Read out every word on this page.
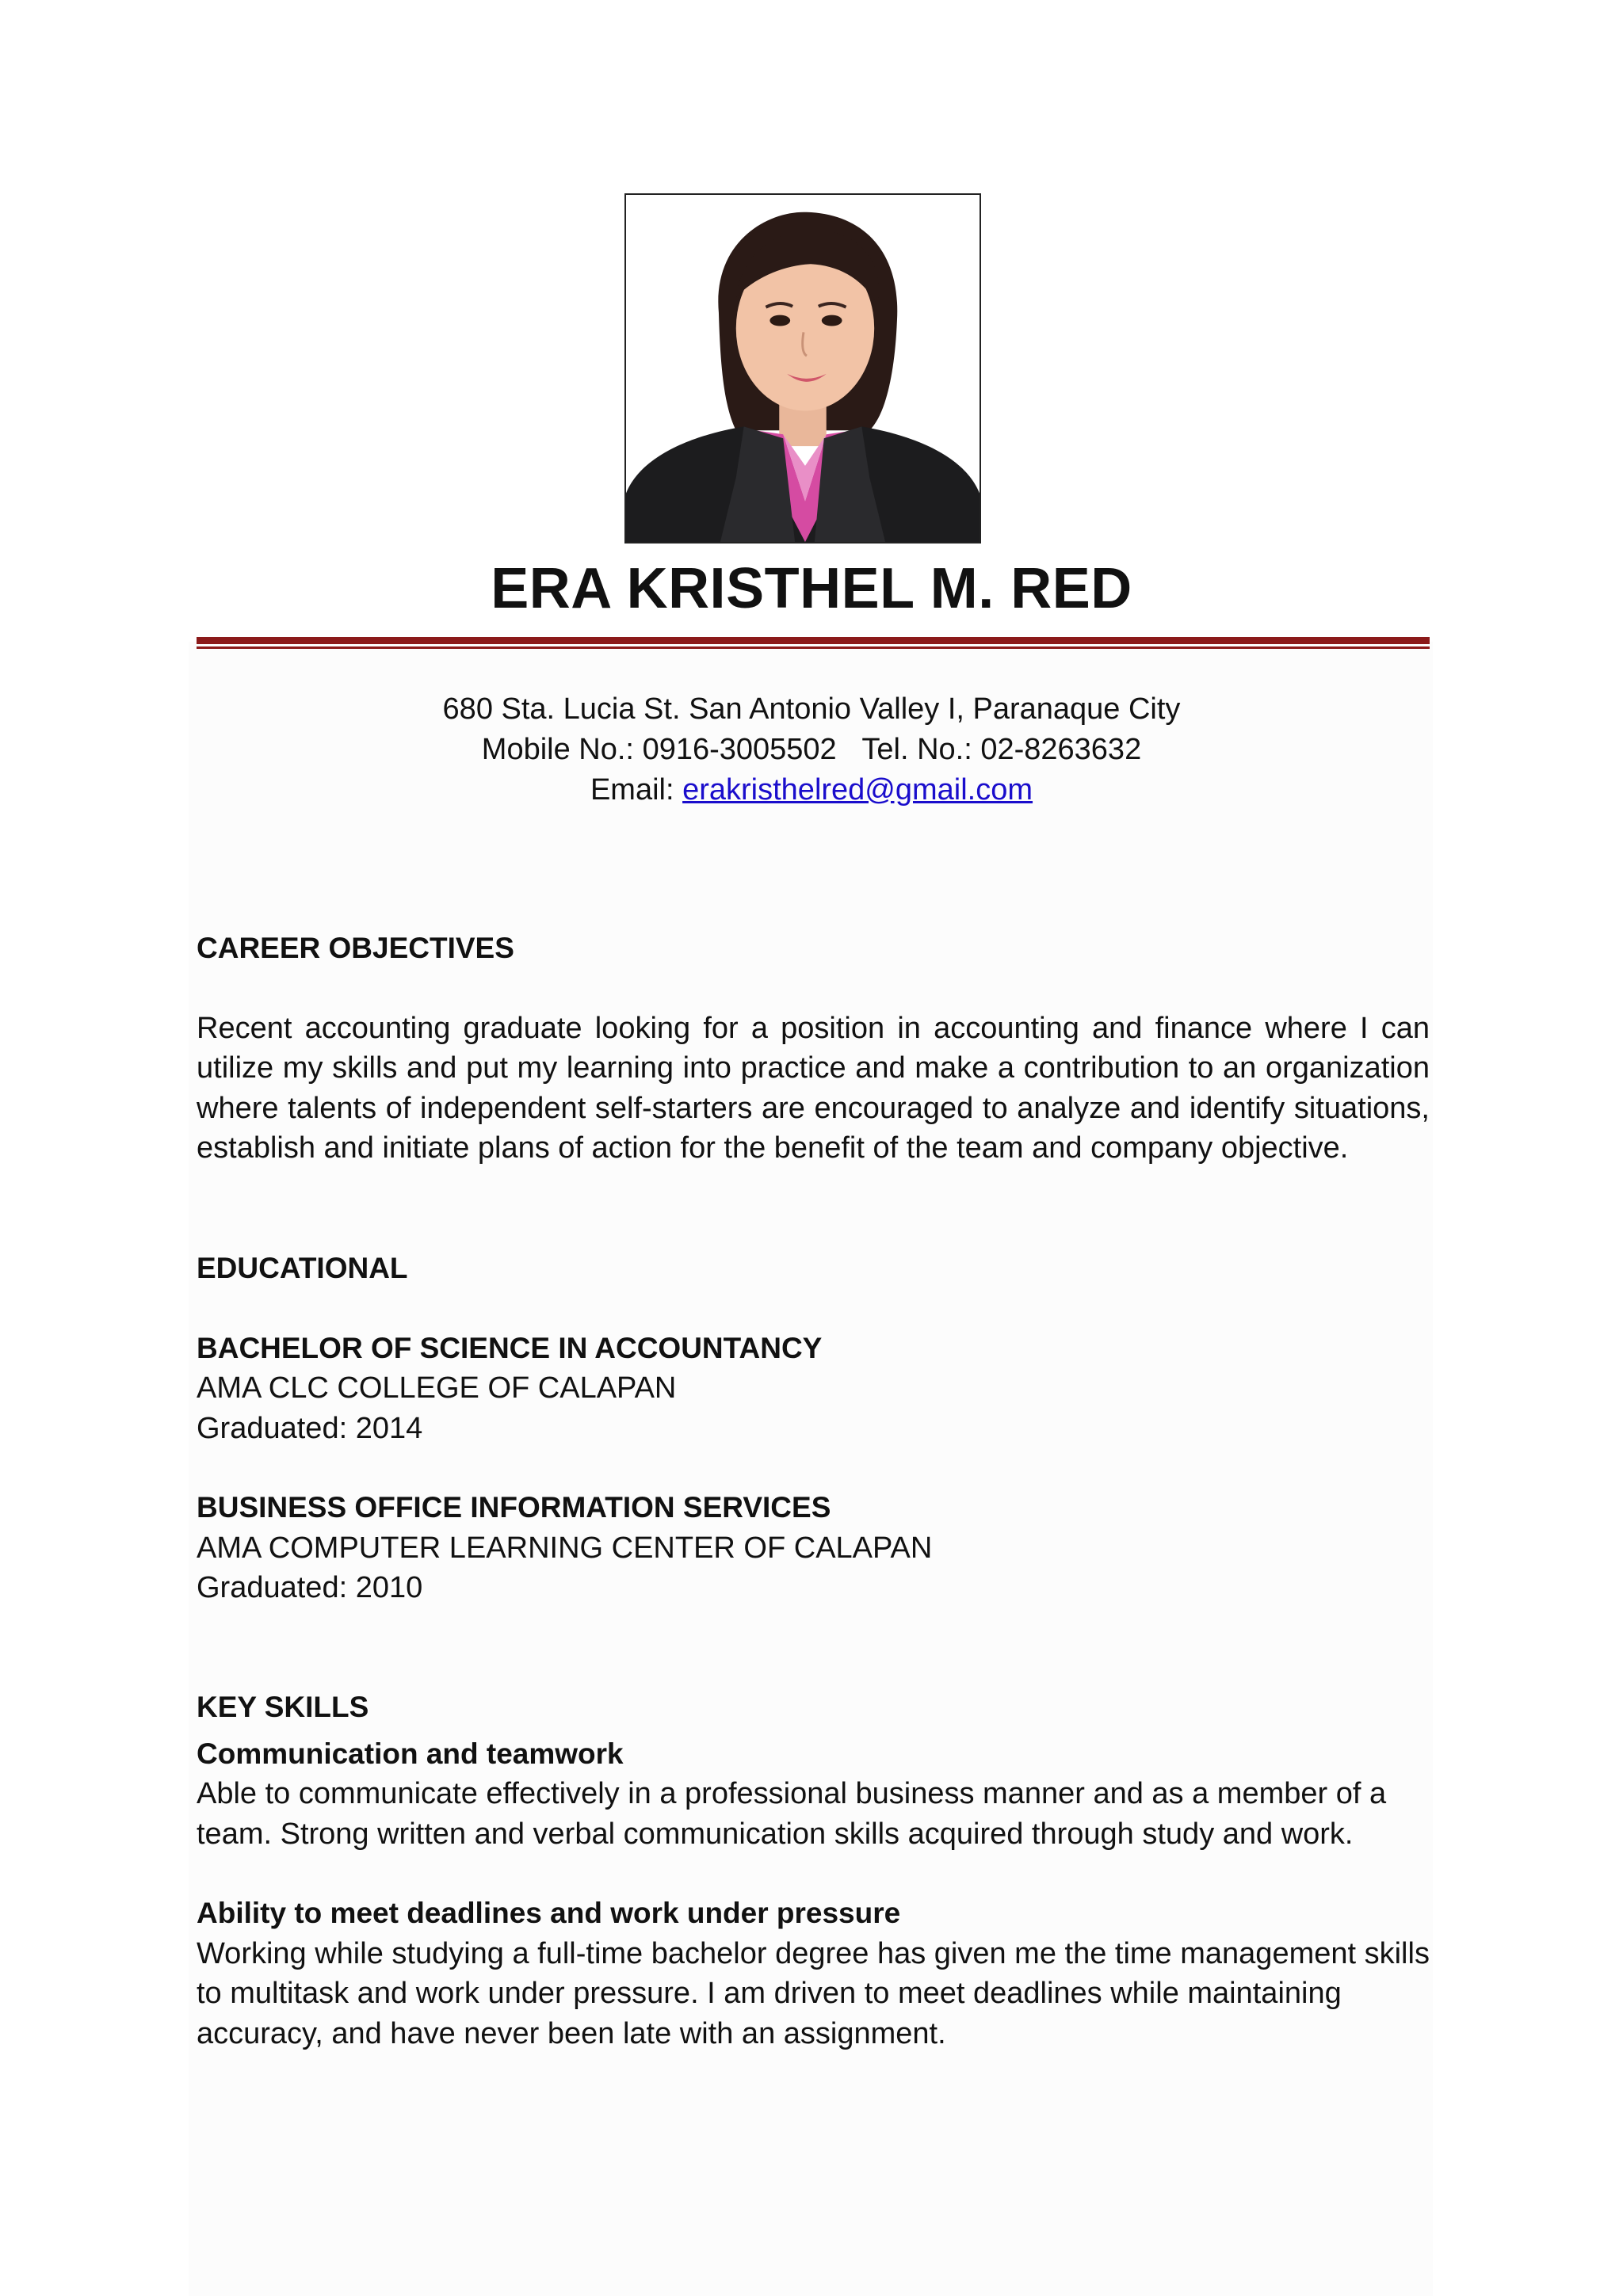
ERA KRISTHEL M. RED
680 Sta. Lucia St. San Antonio Valley I, Paranaque City
Mobile No.: 0916-3005502 Tel. No.: 02-8263632
Email: erakristhelred@gmail.com

CAREER OBJECTIVES

Recent accounting graduate looking for a position in accounting and finance where I can utilize my skills and put my learning into practice and make a contribution to an organization where talents of independent self-starters are encouraged to analyze and identify situations, establish and initiate plans of action for the benefit of the team and company objective.

EDUCATIONAL

BACHELOR OF SCIENCE IN ACCOUNTANCY

AMA CLC COLLEGE OF CALAPAN

Graduated: 2014

BUSINESS OFFICE INFORMATION SERVICES

AMA COMPUTER LEARNING CENTER OF CALAPAN

Graduated: 2010

KEY SKILLS

Communication and teamwork

Able to communicate effectively in a professional business manner and as a member of a team. Strong written and verbal communication skills acquired through study and work.

Ability to meet deadlines and work under pressure

Working while studying a full-time bachelor degree has given me the time management skills to multitask and work under pressure. I am driven to meet deadlines while maintaining accuracy, and have never been late with an assignment.
